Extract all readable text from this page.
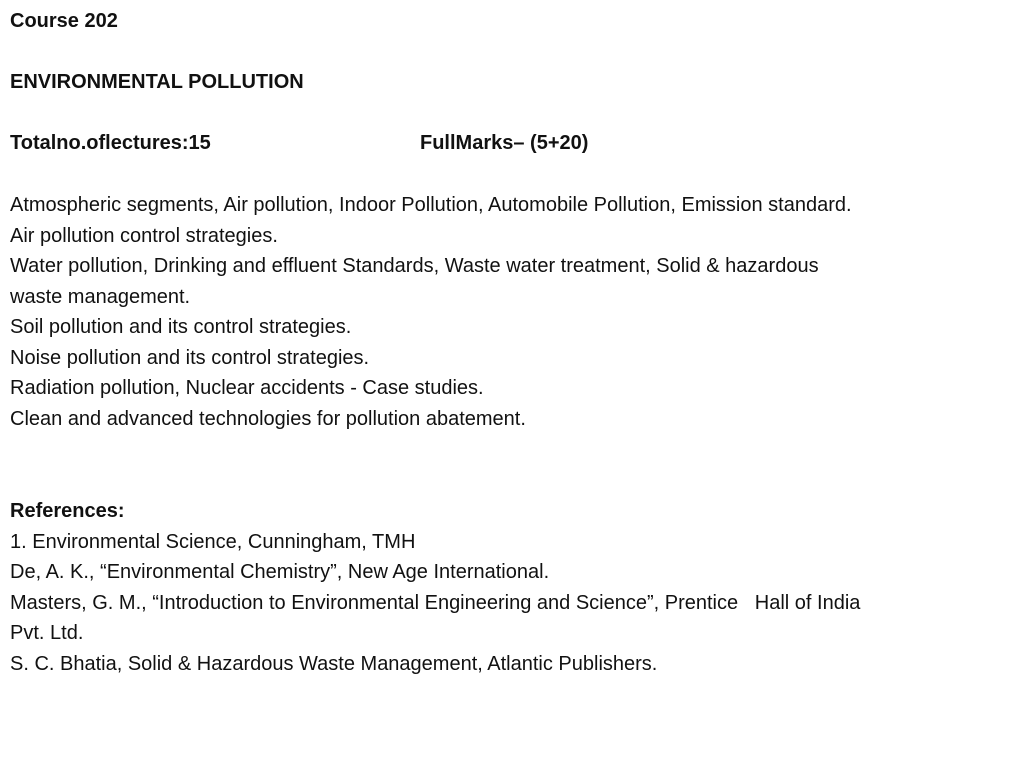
Course 202

ENVIRONMENTAL POLLUTION

Totalno.oflectures:15	FullMarks– (5+20)

Atmospheric segments, Air pollution, Indoor Pollution, Automobile Pollution, Emission standard.

Air pollution control strategies.

Water pollution, Drinking and effluent Standards, Waste water treatment, Solid & hazardous

waste management.

Soil pollution and its control strategies.

Noise pollution and its control strategies.

Radiation pollution, Nuclear accidents - Case studies.

Clean and advanced technologies for pollution abatement.

References:

1. Environmental Science, Cunningham, TMH

De, A. K., “Environmental Chemistry”, New Age International.

Masters, G. M., “Introduction to Environmental Engineering and Science”, Prentice   Hall of India

Pvt. Ltd.

S. C. Bhatia, Solid & Hazardous Waste Management, Atlantic Publishers.
